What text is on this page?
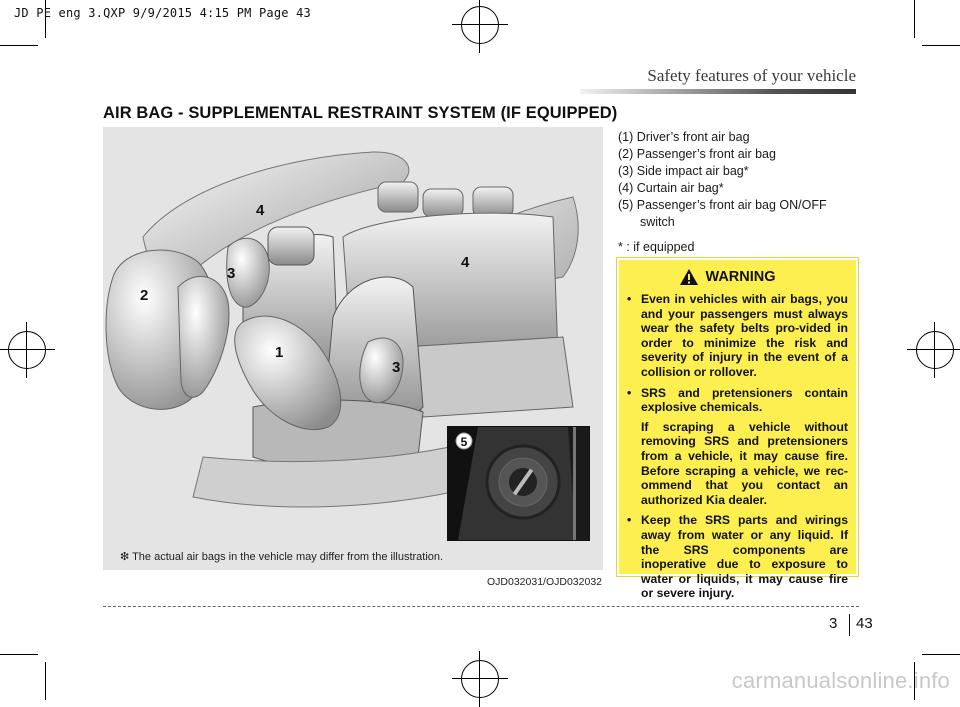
JD PE eng 3.QXP 9/9/2015 4:15 PM Page 43
Safety features of your vehicle
AIR BAG - SUPPLEMENTAL RESTRAINT SYSTEM (IF EQUIPPED)
4
4
3
2
1
3
5
❇ The actual air bags in the vehicle may differ from the illustration.
OJD032031/OJD032032
(1) Driver’s front air bag
(2) Passenger’s front air bag
(3) Side impact air bag*
(4) Curtain air bag*
(5) Passenger’s front air bag ON/OFF
switch
* : if equipped
WARNING
• Even in vehicles with air bags, you and your passengers must always wear the safety belts pro-vided in order to minimize the risk and severity of injury in the event of a collision or rollover.

• SRS and pretensioners contain explosive chemicals.

If scraping a vehicle without removing SRS and pretensioners from a vehicle, it may cause fire. Before scraping a vehicle, we rec-ommend that you contact an authorized Kia dealer.

• Keep the SRS parts and wirings away from water or any liquid. If the SRS components are inoperative due to exposure to water or liquids, it may cause fire or severe injury.

3 43
carmanualsonline.info
